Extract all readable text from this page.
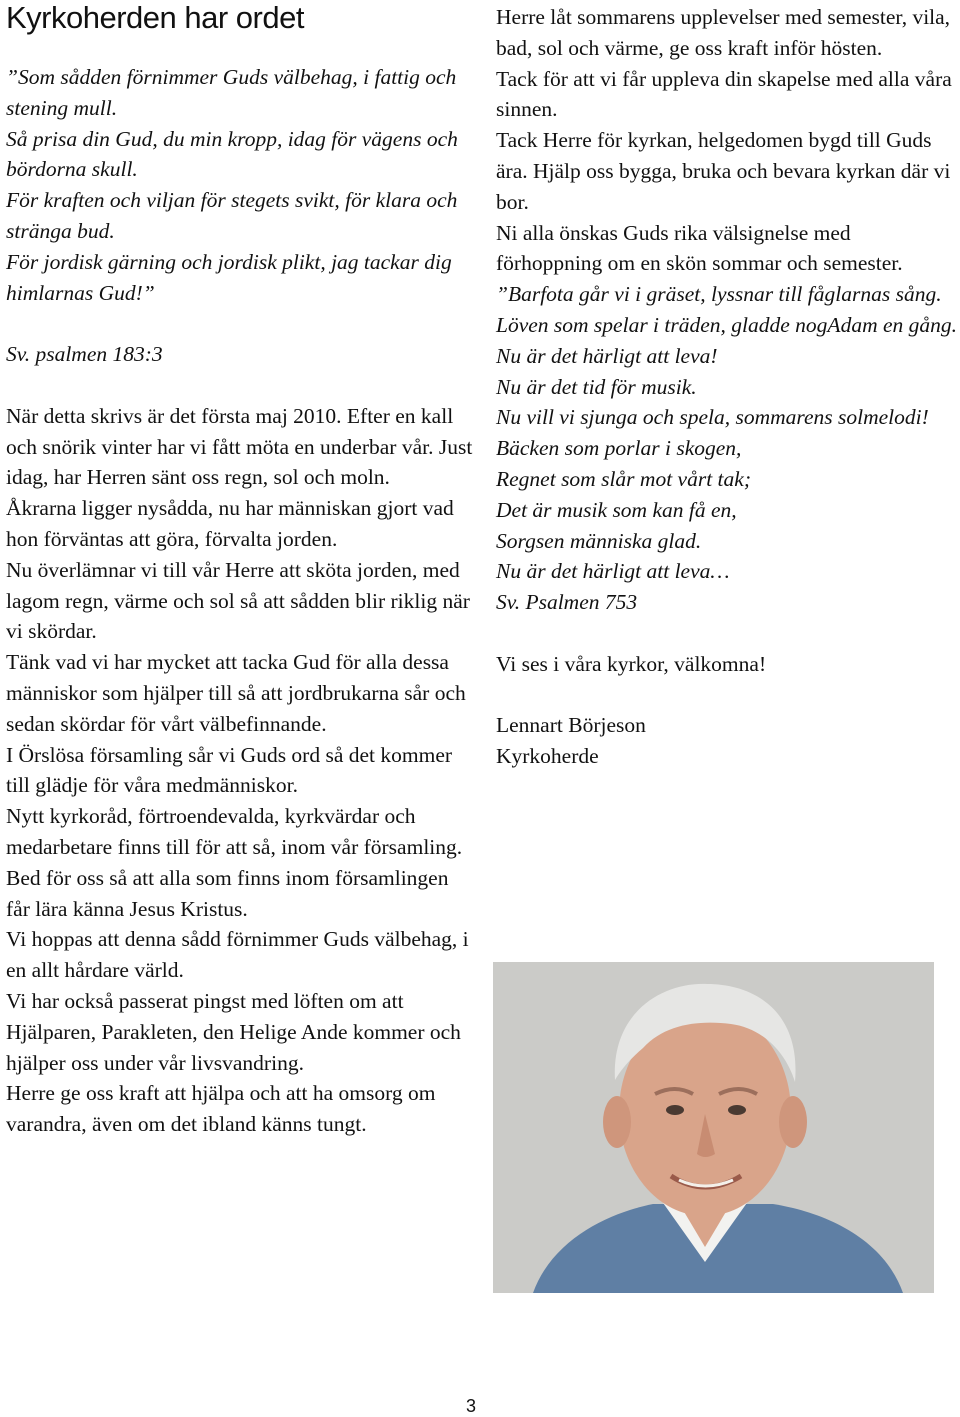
Kyrkoherden har ordet

”Som sådden förnimmer Guds välbehag, i fattig och stening mull.

Så prisa din Gud, du min kropp, idag för vägens och bördorna skull.

För kraften och viljan för stegets svikt, för klara och stränga bud.

För jordisk gärning och jordisk plikt, jag tackar dig himlarnas Gud!”

Sv. psalmen 183:3

När detta skrivs är det första maj 2010. Efter en kall och snörik vinter har vi fått möta en underbar vår. Just idag, har Herren sänt oss regn, sol och moln.

Åkrarna ligger nysådda, nu har människan gjort vad hon förväntas att göra, förvalta jorden.

Nu överlämnar vi till vår Herre att sköta jorden, med lagom regn, värme och sol så att sådden blir riklig när vi skördar.

Tänk vad vi har mycket att tacka Gud för alla dessa människor som hjälper till så att jordbrukarna sår och sedan skördar för vårt välbefinnande.

I Örslösa församling sår vi Guds ord så det kommer till glädje för våra medmänniskor.

Nytt kyrkoråd, förtroendevalda, kyrkvärdar och medarbetare finns till för att så, inom vår församling. Bed för oss så att alla som finns inom församlingen får lära känna Jesus Kristus.

Vi hoppas att denna sådd förnimmer Guds välbehag, i en allt hårdare värld.

Vi har också passerat pingst med löften om att Hjälparen, Parakleten, den Helige Ande kommer och hjälper oss under vår livsvandring.

Herre ge oss kraft att hjälpa och att ha omsorg om varandra, även om det ibland känns tungt.

Herre låt sommarens upplevelser med semester, vila, bad, sol och värme, ge oss kraft inför hösten.

Tack för att vi får uppleva din skapelse med alla våra sinnen.

Tack Herre för kyrkan, helgedomen bygd till Guds ära. Hjälp oss bygga, bruka och bevara kyrkan där vi bor.

Ni alla önskas Guds rika välsignelse med förhoppning om en skön sommar och semester.

”Barfota går vi i gräset, lyssnar till fåglarnas sång.

Löven som spelar i träden, gladde nogAdam en gång.

Nu är det härligt att leva!

Nu är det tid för musik.

Nu vill vi sjunga och spela, sommarens solmelodi!

Bäcken som porlar i skogen,

Regnet som slår mot vårt tak;

Det är musik som kan få en,

Sorgsen människa glad.

Nu är det härligt att leva…

Sv. Psalmen 753

Vi ses i våra kyrkor, välkomna!

Lennart Börjeson

Kyrkoherde

3
